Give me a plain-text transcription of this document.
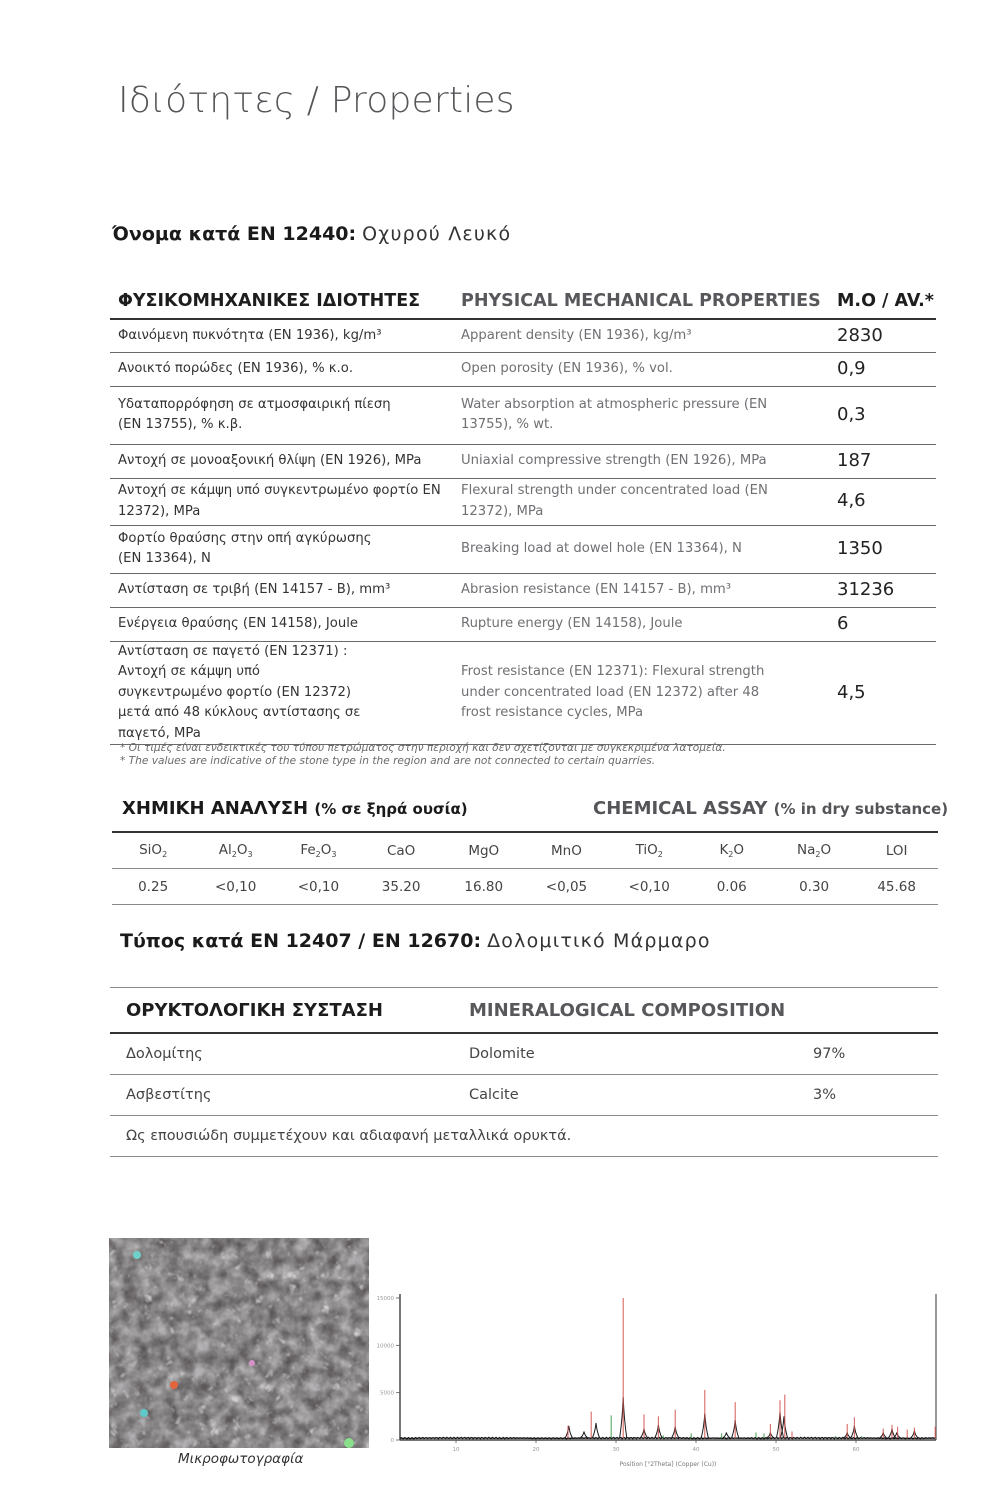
Ιδιότητες / Properties
Όνομα κατά EN 12440: Οχυρού Λευκό
ΦΥΣΙΚΟΜΗΧΑΝΙΚΕΣ ΙΔΙΟΤΗΤΕΣ	PHYSICAL MECHANICAL PROPERTIES	M.O / AV.*
Φαινόμενη πυκνότητα (EN 1936), kg/m³	Apparent density (EN 1936), kg/m³	2830
Ανοικτό πορώδες (EN 1936), % κ.ο.	Open porosity (EN 1936), % vol.	0,9
Υδαταπορρόφηση σε ατμοσφαιρική πίεση (EN 13755), % κ.β.	Water absorption at atmospheric pressure (EN 13755), % wt.	0,3
Αντοχή σε μονοαξονική θλίψη (EN 1926), MPa	Uniaxial compressive strength (EN 1926), MPa	187
Αντοχή σε κάμψη υπό συγκεντρωμένο φορτίο EN 12372), MPa	Flexural strength under concentrated load (EN 12372), MPa	4,6
Φορτίο θραύσης στην οπή αγκύρωσης (EN 13364), N	Breaking load at dowel hole (EN 13364), N	1350
Αντίσταση σε τριβή (EN 14157 - B), mm³	Abrasion resistance (EN 14157 - B), mm³	31236
Ενέργεια θραύσης (EN 14158), Joule	Rupture energy (EN 14158), Joule	6
Αντίσταση σε παγετό (EN 12371) : Αντοχή σε κάμψη υπό συγκεντρωμένο φορτίο (EN 12372) μετά από 48 κύκλους αντίστασης σε παγετό, MPa	Frost resistance (EN 12371): Flexural strength under concentrated load (EN 12372) after 48 frost resistance cycles, MPa	4,5
* Οι τιμές είναι ενδεικτικές του τύπου πετρώματος στην περιοχή και δεν σχετίζονται με συγκεκριμένα λατομεία.
* The values are indicative of the stone type in the region and are not connected to certain quarries.
ΧΗΜΙΚΗ ΑΝΑΛΥΣΗ (% σε ξηρά ουσία)	CHEMICAL ASSAY (% in dry substance)
SiO$_2$	$Al_2O_3$	$Fe_2O_3$	CaO	MgO	MnO	TiO$_2$	$K_2O$	$Na_2O$	LOI
0.25	<0,10	<0,10	35.20	16.80	<0,05	<0,10	0.06	0.30	45.68
Τύπος κατά EN 12407 / EN 12670: Δολομιτικό Μάρμαρο
ΟΡΥΚΤΟΛΟΓΙΚΗ ΣΥΣΤΑΣΗ	MINERALOGICAL COMPOSITION	
Δολομίτης	Dolomite	97%
Ασβεστίτης	Calcite	3%
Ως επουσιώδη συμμετέχουν και αδιαφανή μεταλλικά ορυκτά.		
Μικροφωτογραφία
0
5000
10000
15000
10	20	30	40	50	60
Position [°2Theta] (Copper (Cu))
